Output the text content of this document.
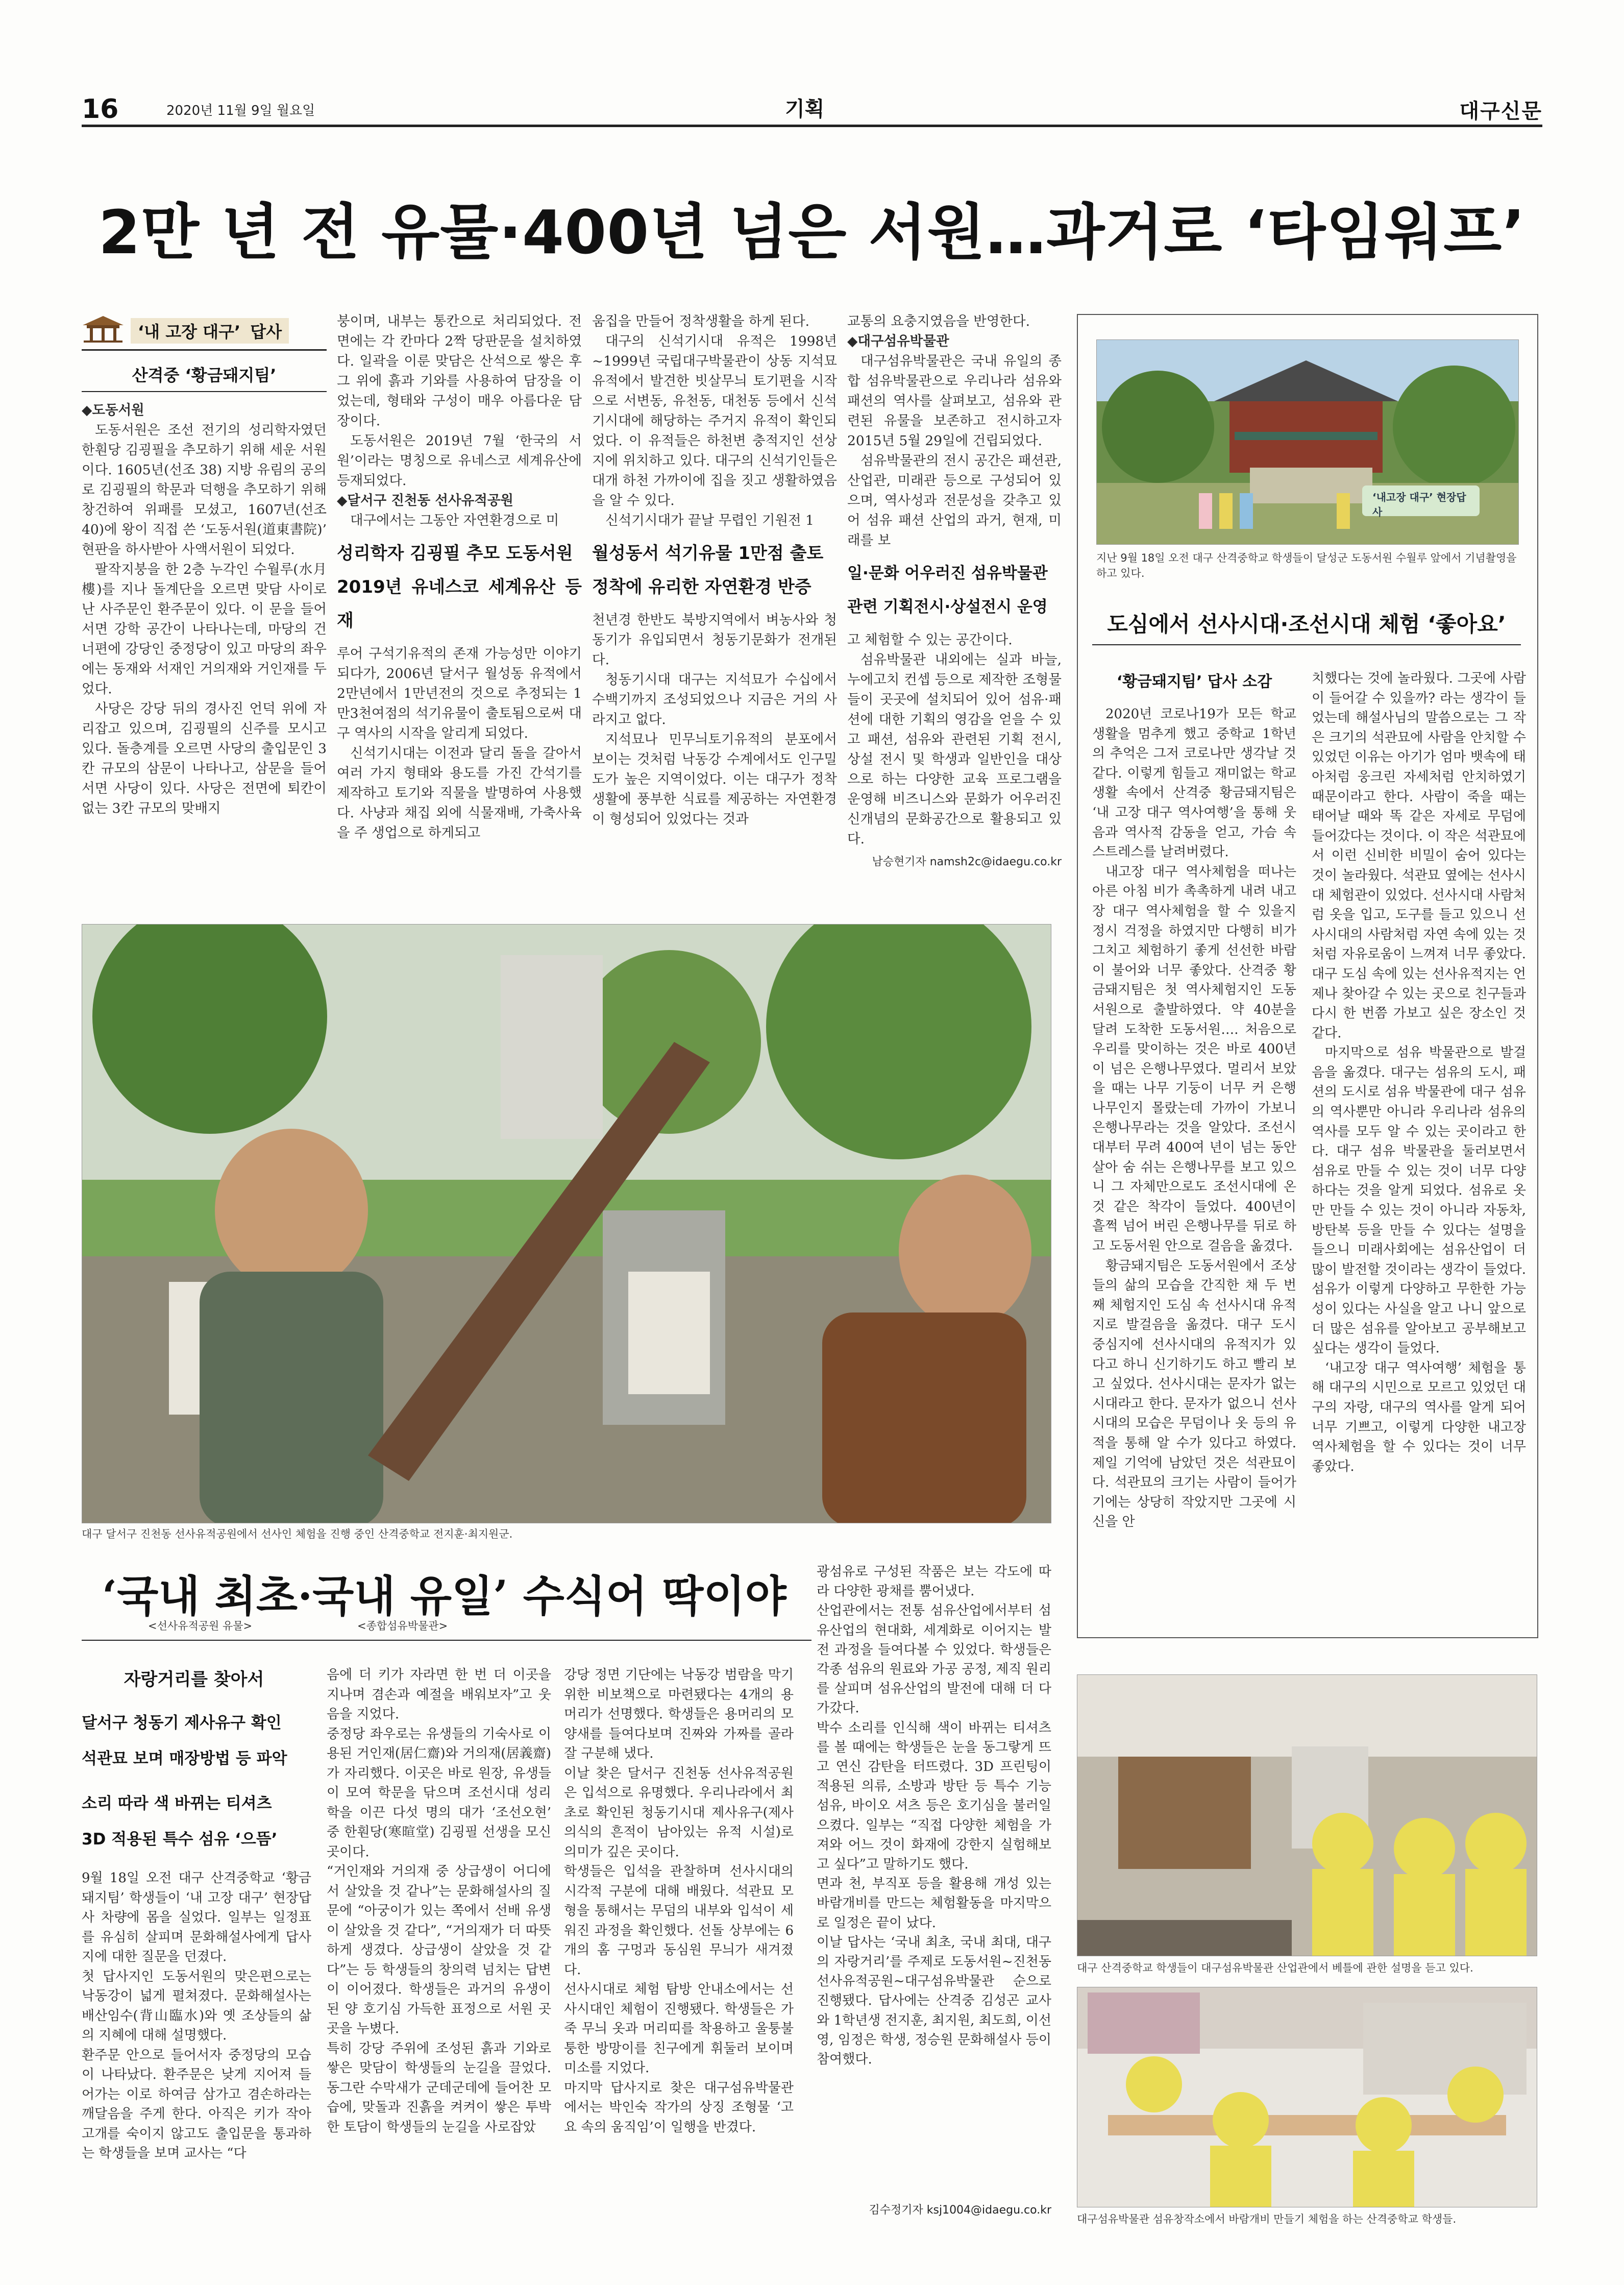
16	2020년 11월 9일 월요일	기획	대구신문
2만 년 전 유물·400년 넘은 서원…과거로 ‘타임워프’
‘내 고장 대구’ 답사
산격중 ‘황금돼지팀’
◆도동서원

도동서원은 조선 전기의 성리학자였던 한훤당 김굉필을 추모하기 위해 세운 서원이다. 1605년(선조 38) 지방 유림의 공의로 김굉필의 학문과 덕행을 추모하기 위해 창건하여 위패를 모셨고, 1607년(선조 40)에 왕이 직접 쓴 ‘도동서원(道東書院)’ 현판을 하사받아 사액서원이 되었다.

팔작지붕을 한 2층 누각인 수월루(水月樓)를 지나 돌계단을 오르면 맞담 사이로 난 사주문인 환주문이 있다. 이 문을 들어서면 강학 공간이 나타나는데, 마당의 건너편에 강당인 중정당이 있고 마당의 좌우에는 동재와 서재인 거의재와 거인재를 두었다.

사당은 강당 뒤의 경사진 언덕 위에 자리잡고 있으며, 김굉필의 신주를 모시고 있다. 돌층계를 오르면 사당의 출입문인 3칸 규모의 삼문이 나타나고, 삼문을 들어서면 사당이 있다. 사당은 전면에 퇴칸이 없는 3칸 규모의 맞배지

붕이며, 내부는 통칸으로 처리되었다. 전면에는 각 칸마다 2짝 당판문을 설치하였다. 일곽을 이룬 맞담은 산석으로 쌓은 후 그 위에 흙과 기와를 사용하여 담장을 이었는데, 형태와 구성이 매우 아름다운 담장이다.

도동서원은 2019년 7월 ‘한국의 서원’이라는 명칭으로 유네스코 세계유산에 등재되었다.

◆달서구 진천동 선사유적공원

대구에서는 그동안 자연환경으로 미

성리학자 김굉필 추모 도동서원
2019년 유네스코 세계유산 등재

루어 구석기유적의 존재 가능성만 이야기되다가, 2006년 달서구 월성동 유적에서 2만년에서 1만년전의 것으로 추정되는 1만3천여점의 석기유물이 출토됨으로써 대구 역사의 시작을 알리게 되었다.

신석기시대는 이전과 달리 돌을 갈아서 여러 가지 형태와 용도를 가진 간석기를 제작하고 토기와 직물을 발명하여 사용했다. 사냥과 채집 외에 식물재배, 가축사육을 주 생업으로 하게되고

움집을 만들어 정착생활을 하게 된다.

대구의 신석기시대 유적은 1998년~1999년 국립대구박물관이 상동 지석묘 유적에서 발견한 빗살무늬 토기편을 시작으로 서변동, 유천동, 대천동 등에서 신석기시대에 해당하는 주거지 유적이 확인되었다. 이 유적들은 하천변 충적지인 선상지에 위치하고 있다. 대구의 신석기인들은 대개 하천 가까이에 집을 짓고 생활하였음을 알 수 있다.

신석기시대가 끝날 무렵인 기원전 1

월성동서 석기유물 1만점 출토
정착에 유리한 자연환경 반증

천년경 한반도 북방지역에서 벼농사와 청동기가 유입되면서 청동기문화가 전개된다.

청동기시대 대구는 지석묘가 수십에서 수백기까지 조성되었으나 지금은 거의 사라지고 없다.

지석묘나 민무늬토기유적의 분포에서 보이는 것처럼 낙동강 수계에서도 인구밀도가 높은 지역이었다. 이는 대구가 정착생활에 풍부한 식료를 제공하는 자연환경이 형성되어 있었다는 것과

교통의 요충지였음을 반영한다.

◆대구섬유박물관

대구섬유박물관은 국내 유일의 종합 섬유박물관으로 우리나라 섬유와 패션의 역사를 살펴보고, 섬유와 관련된 유물을 보존하고 전시하고자 2015년 5월 29일에 건립되었다.

섬유박물관의 전시 공간은 패션관, 산업관, 미래관 등으로 구성되어 있으며, 역사성과 전문성을 갖추고 있어 섬유 패션 산업의 과거, 현재, 미래를 보

일·문화 어우러진 섬유박물관
관련 기획전시·상설전시 운영

고 체험할 수 있는 공간이다.

섬유박물관 내외에는 실과 바늘, 누에고치 컨셉 등으로 제작한 조형물들이 곳곳에 설치되어 있어 섬유·패션에 대한 기획의 영감을 얻을 수 있고 패션, 섬유와 관련된 기획 전시, 상설 전시 및 학생과 일반인을 대상으로 하는 다양한 교육 프로그램을 운영해 비즈니스와 문화가 어우러진 신개념의 문화공간으로 활용되고 있다.

남승현기자 namsh2c@idaegu.co.kr
‘내고장 대구’ 현장답사
지난 9월 18일 오전 대구 산격중학교 학생들이 달성군 도동서원 수월루 앞에서 기념촬영을 하고 있다.
도심에서 선사시대·조선시대 체험 ‘좋아요’
‘황금돼지팀’ 답사 소감

2020년 코로나19가 모든 학교생활을 멈추게 했고 중학교 1학년의 추억은 그저 코로나만 생각날 것 같다. 이렇게 힘들고 재미없는 학교생활 속에서 산격중 황금돼지팀은 ‘내 고장 대구 역사여행’을 통해 웃음과 역사적 감동을 얻고, 가슴 속 스트레스를 날려버렸다.

내고장 대구 역사체험을 떠나는 아른 아침 비가 촉촉하게 내려 내고장 대구 역사체험을 할 수 있을지 정시 걱정을 하였지만 다행히 비가 그치고 체험하기 좋게 선선한 바람이 불어와 너무 좋았다. 산격중 황금돼지팀은 첫 역사체험지인 도동서원으로 출발하였다. 약 40분을 달려 도착한 도동서원…. 처음으로 우리를 맞이하는 것은 바로 400년이 넘은 은행나무였다. 멀리서 보았을 때는 나무 기둥이 너무 커 은행나무인지 몰랐는데 가까이 가보니 은행나무라는 것을 알았다. 조선시대부터 무려 400여 년이 넘는 동안 살아 숨 쉬는 은행나무를 보고 있으니 그 자체만으로도 조선시대에 온 것 같은 착각이 들었다. 400년이 흘쩍 넘어 버린 은행나무를 뒤로 하고 도동서원 안으로 걸음을 옮겼다.

황금돼지팀은 도동서원에서 조상들의 삶의 모습을 간직한 채 두 번째 체험지인 도심 속 선사시대 유적지로 발걸음을 옮겼다. 대구 도시 중심지에 선사시대의 유적지가 있다고 하니 신기하기도 하고 빨리 보고 싶었다. 선사시대는 문자가 없는 시대라고 한다. 문자가 없으니 선사시대의 모습은 무덤이나 옷 등의 유적을 통해 알 수가 있다고 하였다. 제일 기억에 남았던 것은 석관묘이다. 석관묘의 크기는 사람이 들어가기에는 상당히 작았지만 그곳에 시신을 안

치했다는 것에 놀라웠다. 그곳에 사람이 들어갈 수 있을까? 라는 생각이 들었는데 해설사님의 말씀으로는 그 작은 크기의 석관묘에 사람을 안치할 수 있었던 이유는 아기가 엄마 뱃속에 태아처럼 웅크린 자세처럼 안치하였기 때문이라고 한다. 사람이 죽을 때는 태어날 때와 똑 같은 자세로 무덤에 들어갔다는 것이다. 이 작은 석관묘에서 이런 신비한 비밀이 숨어 있다는 것이 놀라웠다. 석관묘 옆에는 선사시대 체험관이 있었다. 선사시대 사람처럼 옷을 입고, 도구를 들고 있으니 선사시대의 사람처럼 자연 속에 있는 것처럼 자유로움이 느껴져 너무 좋았다. 대구 도심 속에 있는 선사유적지는 언제나 찾아갈 수 있는 곳으로 친구들과 다시 한 번쯤 가보고 싶은 장소인 것 같다.

마지막으로 섬유 박물관으로 발걸음을 옮겼다. 대구는 섬유의 도시, 패션의 도시로 섬유 박물관에 대구 섬유의 역사뿐만 아니라 우리나라 섬유의 역사를 모두 알 수 있는 곳이라고 한다. 대구 섬유 박물관을 둘러보면서 섬유로 만들 수 있는 것이 너무 다양하다는 것을 알게 되었다. 섬유로 옷만 만들 수 있는 것이 아니라 자동차, 방탄복 등을 만들 수 있다는 설명을 들으니 미래사회에는 섬유산업이 더 많이 발전할 것이라는 생각이 들었다. 섬유가 이렇게 다양하고 무한한 가능성이 있다는 사실을 알고 나니 앞으로 더 많은 섬유를 알아보고 공부해보고 싶다는 생각이 들었다.

‘내고장 대구 역사여행’ 체험을 통해 대구의 시민으로 모르고 있었던 대구의 자랑, 대구의 역사를 알게 되어 너무 기쁘고, 이렇게 다양한 내고장 역사체험을 할 수 있다는 것이 너무 좋았다.

대구 달서구 진천동 선사유적공원에서 선사인 체험을 진행 중인 산격중학교 전지훈·최지원군.
‘국내 최초·국내 유일’ 수식어 딱이야
<선사유적공원 유물>	<종합섬유박물관>
자랑거리를 찾아서
달서구 청동기 제사유구 확인
석관묘 보며 매장방법 등 파악
소리 따라 색 바뀌는 티셔츠
3D 적용된 특수 섬유 ‘으뜸’
9월 18일 오전 대구 산격중학교 ‘황금돼지팀’ 학생들이 ‘내 고장 대구’ 현장답사 차량에 몸을 실었다. 일부는 일정표를 유심히 살피며 문화해설사에게 답사지에 대한 질문을 던졌다.
첫 답사지인 도동서원의 맞은편으로는 낙동강이 넓게 펼쳐졌다. 문화해설사는 배산임수(背山臨水)와 옛 조상들의 삶의 지혜에 대해 설명했다.
환주문 안으로 들어서자 중정당의 모습이 나타났다. 환주문은 낮게 지어져 들어가는 이로 하여금 삼가고 겸손하라는 깨달음을 주게 한다. 아직은 키가 작아 고개를 숙이지 않고도 출입문을 통과하는 학생들을 보며 교사는 “다
음에 더 키가 자라면 한 번 더 이곳을 지나며 겸손과 예절을 배워보자”고 웃음을 지었다.
중정당 좌우로는 유생들의 기숙사로 이용된 거인재(居仁齋)와 거의재(居義齋)가 자리했다. 이곳은 바로 원장, 유생들이 모여 학문을 닦으며 조선시대 성리학을 이끈 다섯 명의 대가 ‘조선오현’ 중 한훤당(寒暄堂) 김굉필 선생을 모신 곳이다.
“거인재와 거의재 중 상급생이 어디에서 살았을 것 같나”는 문화해설사의 질문에 “아궁이가 있는 쪽에서 선배 유생이 살았을 것 같다”, “거의재가 더 따뜻하게 생겼다. 상급생이 살았을 것 같다”는 등 학생들의 창의력 넘치는 답변이 이어졌다. 학생들은 과거의 유생이 된 양 호기심 가득한 표정으로 서원 곳곳을 누볐다.
특히 강당 주위에 조성된 흙과 기와로 쌓은 맞담이 학생들의 눈길을 끌었다. 동그란 수막새가 군데군데에 들어찬 모습에, 맞돌과 진흙을 켜켜이 쌓은 투박한 토담이 학생들의 눈길을 사로잡았
강당 정면 기단에는 낙동강 범람을 막기 위한 비보책으로 마련됐다는 4개의 용머리가 선명했다. 학생들은 용머리의 모양새를 들여다보며 진짜와 가짜를 골라 잘 구분해 냈다.
이날 찾은 달서구 진천동 선사유적공원은 입석으로 유명했다. 우리나라에서 최초로 확인된 청동기시대 제사유구(제사의식의 흔적이 남아있는 유적 시설)로 의미가 깊은 곳이다.
학생들은 입석을 관찰하며 선사시대의 시각적 구분에 대해 배웠다. 석관묘 모형을 통해서는 무덤의 내부와 입석이 세워진 과정을 확인했다. 선돌 상부에는 6개의 홈 구멍과 동심원 무늬가 새겨졌다.
선사시대로 체험 탐방 안내소에서는 선사시대인 체험이 진행됐다. 학생들은 가죽 무늬 옷과 머리띠를 착용하고 울퉁불퉁한 방망이를 친구에게 휘둘러 보이며 미소를 지었다.
마지막 답사지로 찾은 대구섬유박물관에서는 박인숙 작가의 상징 조형물 ‘고요 속의 움직임’이 일행을 반겼다.
광섬유로 구성된 작품은 보는 각도에 따라 다양한 광채를 뿜어냈다.
산업관에서는 전통 섬유산업에서부터 섬유산업의 현대화, 세계화로 이어지는 발전 과정을 들여다볼 수 있었다. 학생들은 각종 섬유의 원료와 가공 공정, 제직 원리를 살피며 섬유산업의 발전에 대해 더 다가갔다.
박수 소리를 인식해 색이 바뀌는 티셔츠를 볼 때에는 학생들은 눈을 동그랗게 뜨고 연신 감탄을 터뜨렸다. 3D 프린팅이 적용된 의류, 소방과 방탄 등 특수 기능 섬유, 바이오 셔츠 등은 호기심을 불러일으켰다. 일부는 “직접 다양한 체험을 가져와 어느 것이 화재에 강한지 실험해보고 싶다”고 말하기도 했다.
면과 천, 부직포 등을 활용해 개성 있는 바람개비를 만드는 체험활동을 마지막으로 일정은 끝이 났다.
이날 답사는 ‘국내 최초, 국내 최대, 대구의 자랑거리’를 주제로 도동서원~진천동 선사유적공원~대구섬유박물관 순으로 진행됐다. 답사에는 산격중 김성곤 교사와 1학년생 전지훈, 최지원, 최도희, 이선영, 임정은 학생, 정승원 문화해설사 등이 참여했다.
김수정기자 ksj1004@idaegu.co.kr
대구 산격중학교 학생들이 대구섬유박물관 산업관에서 베틀에 관한 설명을 듣고 있다.
대구섬유박물관 섬유창작소에서 바람개비 만들기 체험을 하는 산격중학교 학생들.
